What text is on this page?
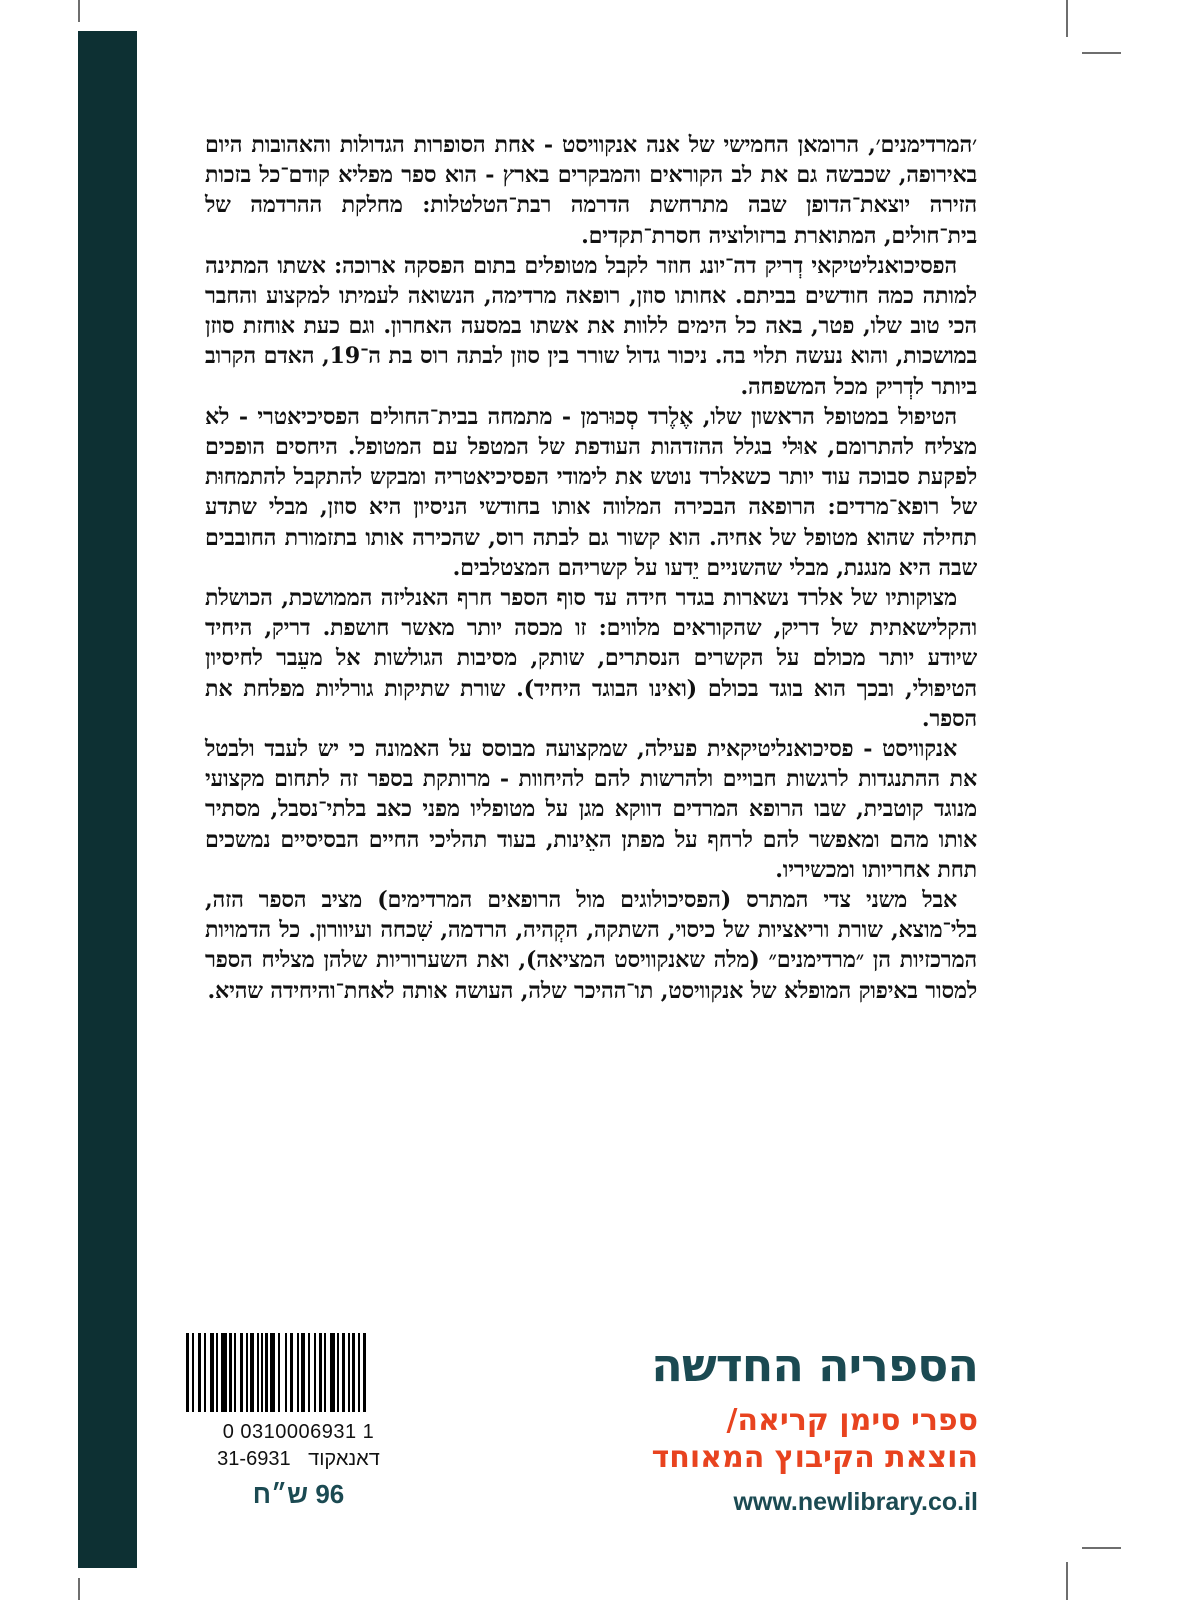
׳המרדימנים׳, הרומאן החמישי של אנה אנקוויסט - אחת הסופרות הגדולות והאהובות היום באירופה, שכבשה גם את לב הקוראים והמבקרים בארץ - הוא ספר מפליא קודם־כל בזכות הזירה יוצאת־הדופן שבה מתרחשת הדרמה רבת־הטלטלות: מחלקת ההרדמה של בית־חולים, המתוארת ברזולוציה חסרת־תקדים.

הפסיכואנליטיקאי דְריק דה־יונג חוזר לקבל מטופלים בתום הפסקה ארוכה: אשתו המתינה למותה כמה חודשים בביתם. אחותו סוזן, רופאה מרדימה, הנשואה לעמיתו למקצוע והחבר הכי טוב שלו, פטר, באה כל הימים ללוות את אשתו במסעה האחרון. וגם כעת אוחזת סוזן במושכות, והוא נעשה תלוי בה. ניכור גדול שורר בין סוזן לבתה רוס בת ה־19, האדם הקרוב ביותר לדְריק מכל המשפחה.

הטיפול במטופל הראשון שלו, אֶלֶרד סְכוּרמן - מתמחה בבית־החולים הפסיכיאטרי - לא מצליח להתרומם, אוּלי בגלל ההזדהות העודפת של המטפל עם המטופל. היחסים הופכים לפקעת סבוכה עוד יותר כשאלרד נוטש את לימודי הפסיכיאטריה ומבקש להתקבל להתמחוּת של רופא־מרדים: הרופאה הבכירה המלווה אותו בחודשי הניסיון היא סוזן, מבלי שתדע תחילה שהוא מטופל של אחיה. הוא קשור גם לבתה רוס, שהכירה אותו בתזמורת החובבים שבה היא מנגנת, מבלי שהשניים יֵדעו על קשריהם המצטלבים.

מצוקותיו של אלרד נשארות בגדר חידה עד סוף הספר חרף האנליזה הממושכת, הכושלת והקלישאתית של דריק, שהקוראים מלווים: זו מכסה יותר מאשר חושפת. דריק, היחיד שיודע יותר מכולם על הקשרים הנסתרים, שותק, מסיבות הגולשות אל מעֵבר לחיסיון הטיפולי, ובכך הוא בוגד בכולם (ואינו הבוגד היחיד). שורת שתיקות גורליות מפלחת את הספר.

אנקוויסט - פסיכואנליטיקאית פעילה, שמקצועה מבוסס על האמונה כי יש לעבד ולבטל את ההתנגדות לרגשות חבויים ולהרשות להם להיחוות - מרותקת בספר זה לתחום מקצועי מנוגד קוטבית, שבו הרופא המרדים דווקא מגן על מטופליו מפני כאב בלתי־נסבל, מסתיר אותו מהם ומאפשר להם לרחף על מפתן האֵינות, בעוד תהליכי החיים הבסיסיים נמשכים תחת אחריותו ומכשיריו.

אבל משני צדי המתרס (הפסיכולוגים מול הרופאים המרדימים) מציב הספר הזה, בלי־מוצא, שורת וריאציות של כיסוי, השתקה, הקְהיה, הרדמה, שִׁכחה ועיוורון. כל הדמויות המרכזיות הן ״מרדימנים״ (מלה שאנקוויסט המציאה), ואת השערוריות שלהן מצליח הספר למסור באיפוק המופלא של אנקוויסט, תו־ההיכר שלה, העושה אותה לאחת־והיחידה שהיא.

0 0310006931 1
דאנאקוד 31-6931
96 ש״ח
הספריה החדשה
ספרי סימן קריאה/
הוצאת הקיבוץ המאוחד
www.newlibrary.co.il
